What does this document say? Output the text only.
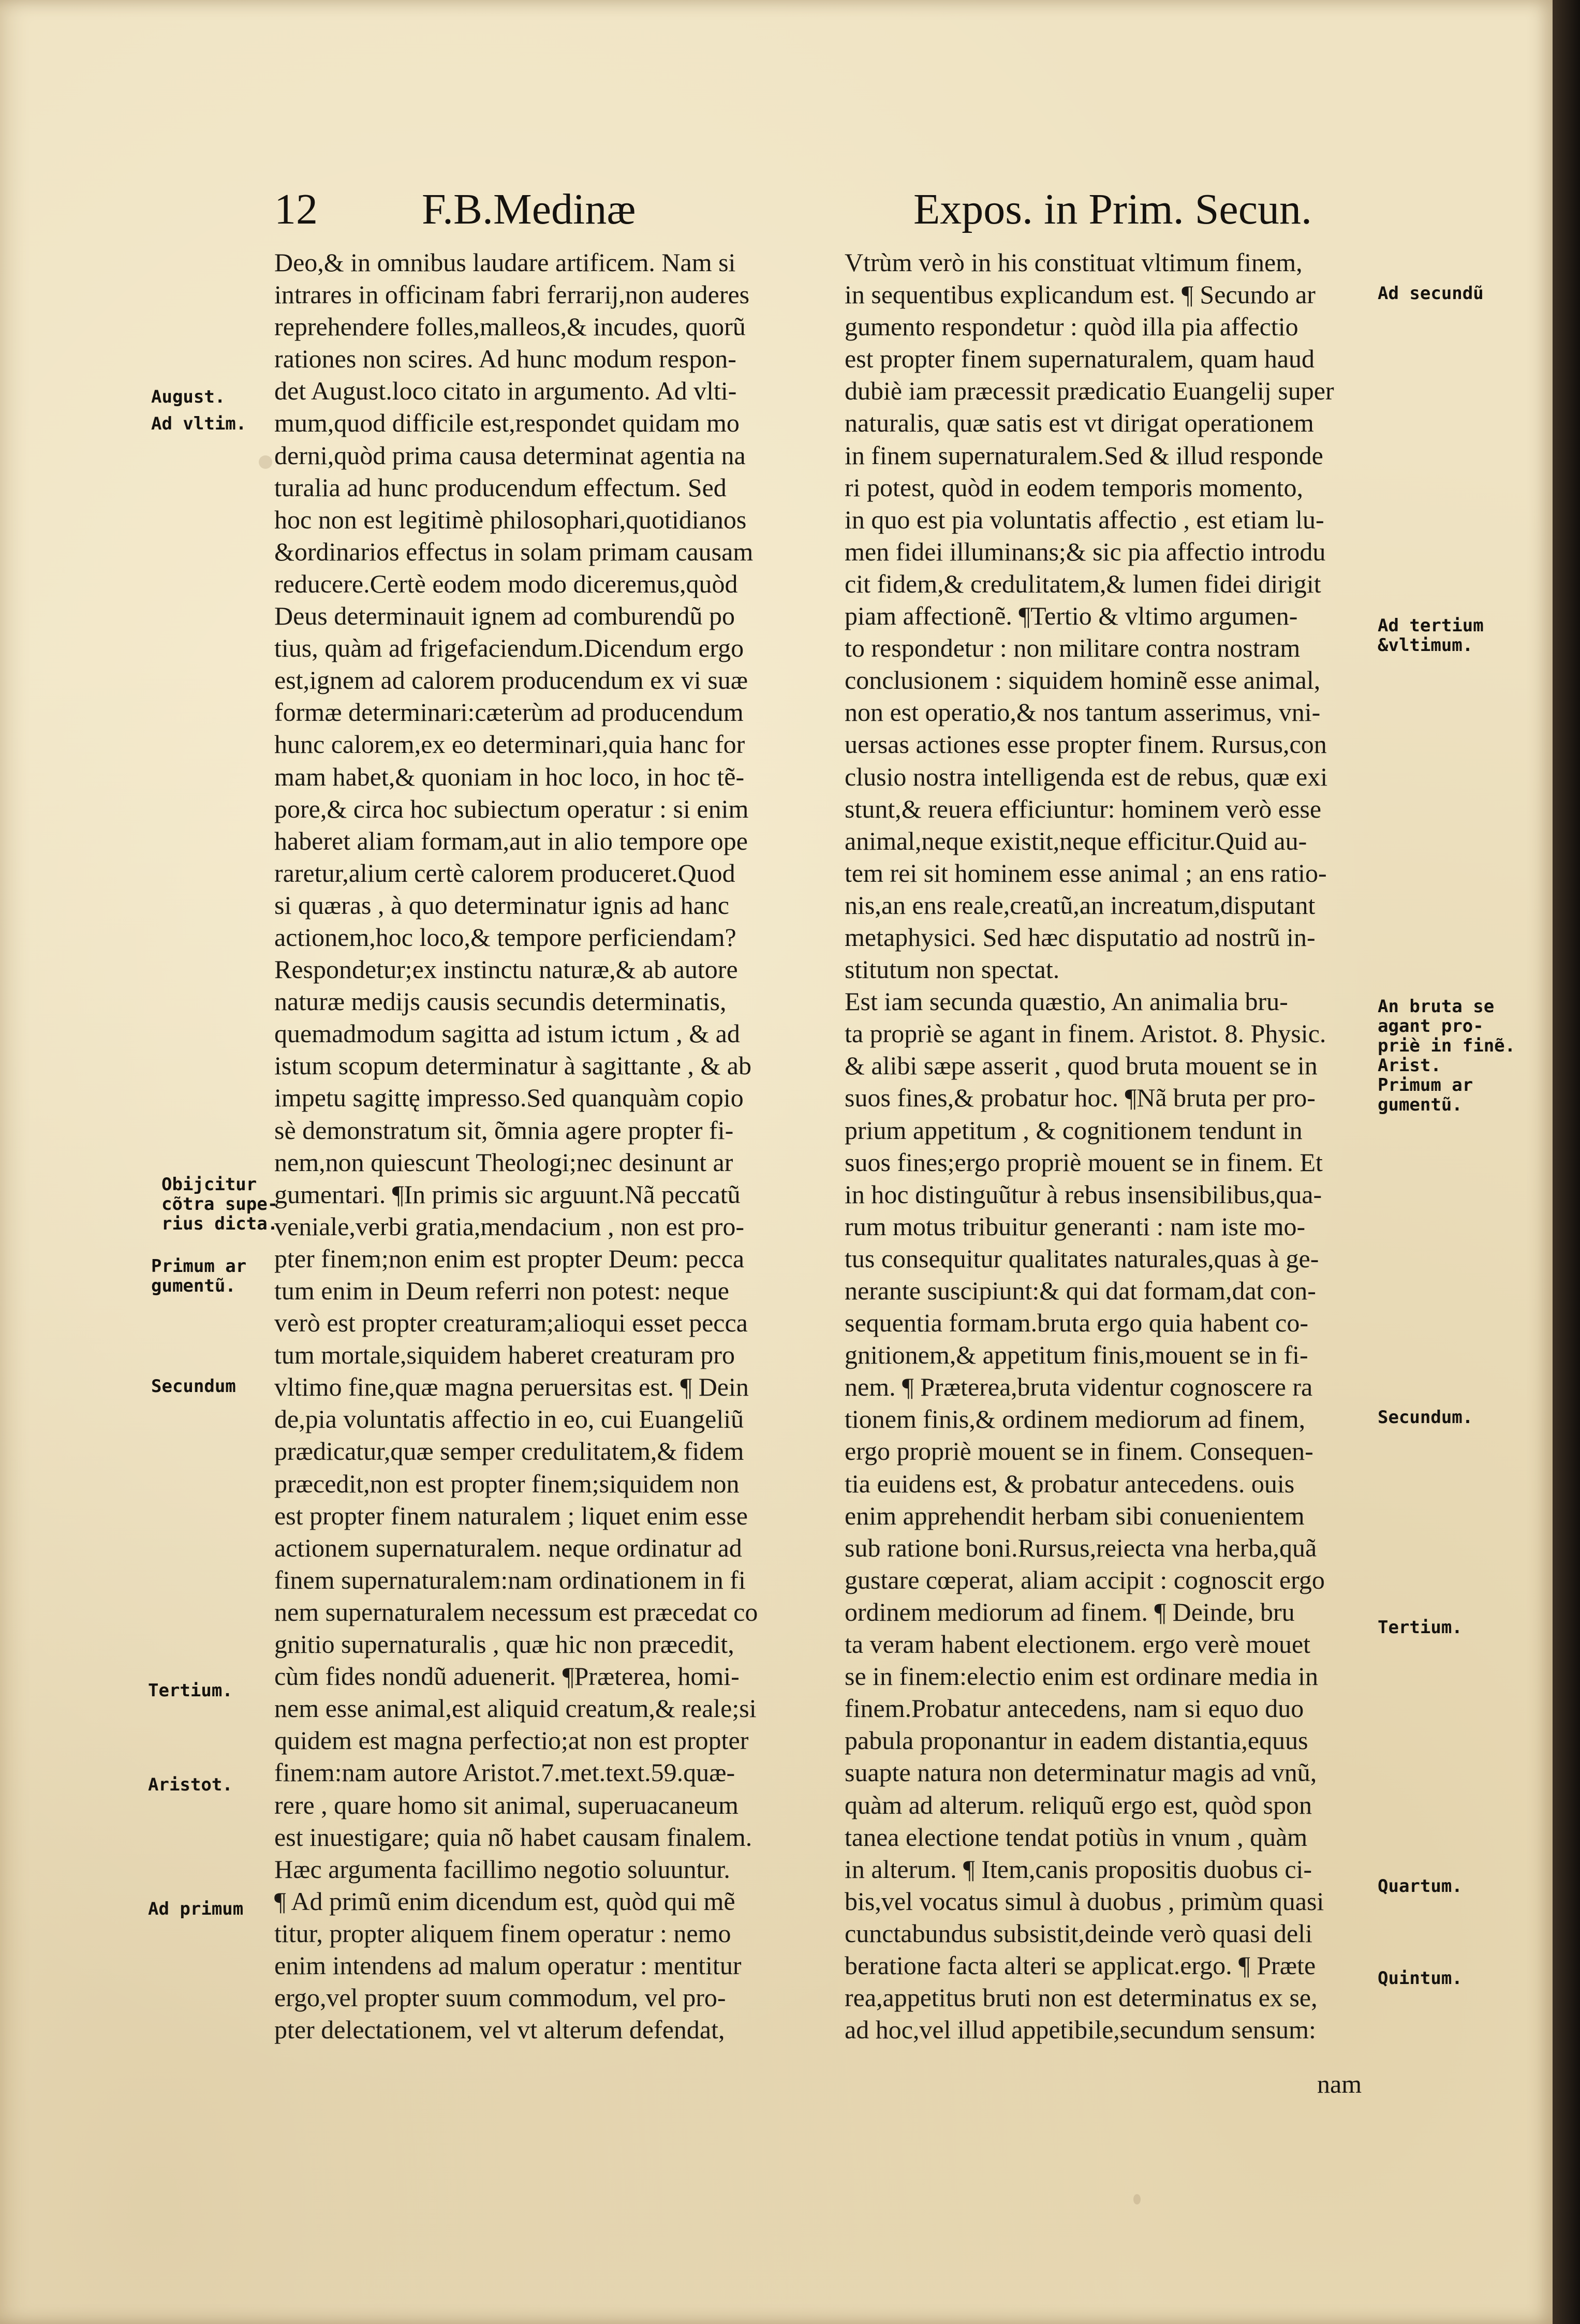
12 F.B.Medinæ	Expos. in Prim. Secun.
Deo,& in omnibus laudare artificem. Nam si
intrares in officinam fabri ferrarij,non auderes
reprehendere folles,malleos,& incudes, quorũ
rationes non scires. Ad hunc modum respon-
det August.loco citato in argumento. Ad vlti-
mum,quod difficile est,respondet quidam mo
derni,quòd prima causa determinat agentia na
turalia ad hunc producendum effectum. Sed
hoc non est legitimè philosophari,quotidianos
&ordinarios effectus in solam primam causam
reducere.Certè eodem modo diceremus,quòd
Deus determinauit ignem ad comburendũ po
tius, quàm ad frigefaciendum.Dicendum ergo
est,ignem ad calorem producendum ex vi suæ
formæ determinari:cæterùm ad producendum
hunc calorem,ex eo determinari,quia hanc for
mam habet,& quoniam in hoc loco, in hoc tẽ-
pore,& circa hoc subiectum operatur : si enim
haberet aliam formam,aut in alio tempore ope
raretur,alium certè calorem produceret.Quod
si quæras , à quo determinatur ignis ad hanc
actionem,hoc loco,& tempore perficiendam?
Respondetur;ex instinctu naturæ,& ab autore
naturæ medijs causis secundis determinatis,
quemadmodum sagitta ad istum ictum , & ad
istum scopum determinatur à sagittante , & ab
impetu sagittę impresso.Sed quanquàm copio
sè demonstratum sit, õmnia agere propter fi-
nem,non quiescunt Theologi;nec desinunt ar
gumentari. ¶In primis sic arguunt.Nã peccatũ
veniale,verbi gratia,mendacium , non est pro-
pter finem;non enim est propter Deum: pecca
tum enim in Deum referri non potest: neque
verò est propter creaturam;alioqui esset pecca
tum mortale,siquidem haberet creaturam pro
vltimo fine,quæ magna peruersitas est. ¶ Dein
de,pia voluntatis affectio in eo, cui Euangeliũ
prædicatur,quæ semper credulitatem,& fidem
præcedit,non est propter finem;siquidem non
est propter finem naturalem ; liquet enim esse
actionem supernaturalem. neque ordinatur ad
finem supernaturalem:nam ordinationem in fi
nem supernaturalem necessum est præcedat co
gnitio supernaturalis , quæ hic non præcedit,
cùm fides nondũ aduenerit. ¶Præterea, homi-
nem esse animal,est aliquid creatum,& reale;si
quidem est magna perfectio;at non est propter
finem:nam autore Aristot.7.met.text.59.quæ-
rere , quare homo sit animal, superuacaneum
est inuestigare; quia nõ habet causam finalem.
Hæc argumenta facillimo negotio soluuntur.
¶ Ad primũ enim dicendum est, quòd qui mẽ
titur, propter aliquem finem operatur : nemo
enim intendens ad malum operatur : mentitur
ergo,vel propter suum commodum, vel pro-
pter delectationem, vel vt alterum defendat,
Vtrùm verò in his constituat vltimum finem,
in sequentibus explicandum est. ¶ Secundo ar
gumento respondetur : quòd illa pia affectio
est propter finem supernaturalem, quam haud
dubiè iam præcessit prædicatio Euangelij super
naturalis, quæ satis est vt dirigat operationem
in finem supernaturalem.Sed & illud responde
ri potest, quòd in eodem temporis momento,
in quo est pia voluntatis affectio , est etiam lu-
men fidei illuminans;& sic pia affectio introdu
cit fidem,& credulitatem,& lumen fidei dirigit
piam affectionẽ. ¶Tertio & vltimo argumen-
to respondetur : non militare contra nostram
conclusionem : siquidem hominẽ esse animal,
non est operatio,& nos tantum asserimus, vni-
uersas actiones esse propter finem. Rursus,con
clusio nostra intelligenda est de rebus, quæ exi
stunt,& reuera efficiuntur: hominem verò esse
animal,neque existit,neque efficitur.Quid au-
tem rei sit hominem esse animal ; an ens ratio-
nis,an ens reale,creatũ,an increatum,disputant
metaphysici. Sed hæc disputatio ad nostrũ in-
stitutum non spectat.
Est iam secunda quæstio, An animalia bru-
ta propriè se agant in finem. Aristot. 8. Physic.
& alibi sæpe asserit , quod bruta mouent se in
suos fines,& probatur hoc. ¶Nã bruta per pro-
prium appetitum , & cognitionem tendunt in
suos fines;ergo propriè mouent se in finem. Et
in hoc distinguũtur à rebus insensibilibus,qua-
rum motus tribuitur generanti : nam iste mo-
tus consequitur qualitates naturales,quas à ge-
nerante suscipiunt:& qui dat formam,dat con-
sequentia formam.bruta ergo quia habent co-
gnitionem,& appetitum finis,mouent se in fi-
nem. ¶ Præterea,bruta videntur cognoscere ra
tionem finis,& ordinem mediorum ad finem,
ergo propriè mouent se in finem. Consequen-
tia euidens est, & probatur antecedens. ouis
enim apprehendit herbam sibi conuenientem
sub ratione boni.Rursus,reiecta vna herba,quã
gustare cœperat, aliam accipit : cognoscit ergo
ordinem mediorum ad finem. ¶ Deinde, bru
ta veram habent electionem. ergo verè mouet
se in finem:electio enim est ordinare media in
finem.Probatur antecedens, nam si equo duo
pabula proponantur in eadem distantia,equus
suapte natura non determinatur magis ad vnũ,
quàm ad alterum. reliquũ ergo est, quòd spon
tanea electione tendat potiùs in vnum , quàm
in alterum. ¶ Item,canis propositis duobus ci-
bis,vel vocatus simul à duobus , primùm quasi
cunctabundus subsistit,deinde verò quasi deli
beratione facta alteri se applicat.ergo. ¶ Præte
rea,appetitus bruti non est determinatus ex se,
ad hoc,vel illud appetibile,secundum sensum:
nam
August.
Ad vltim.
Obijcitur
cõtra supe-
rius dicta.
Primum ar
gumentũ.
Secundum
Tertium.
Aristot.
Ad primum
Ad secundũ
Ad tertium
&vltimum.
An bruta se
agant pro-
priè in finẽ.
Arist.
Primum ar
gumentũ.
Secundum.
Tertium.
Quartum.
Quintum.
